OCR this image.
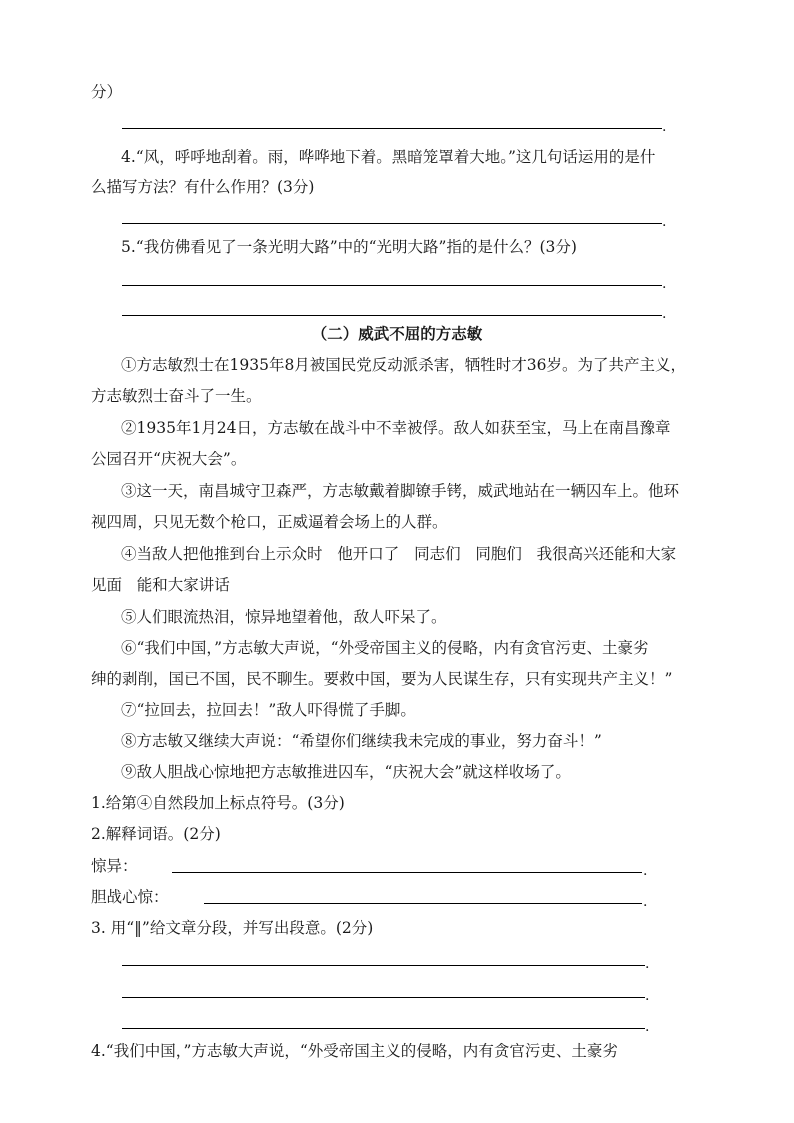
分）
.
4.“风，呼呼地刮着。雨，哗哗地下着。黑暗笼罩着大地。”这几句话运用的是什
么描写方法？有什么作用？(3分)
.
5.“我仿佛看见了一条光明大路”中的“光明大路”指的是什么？(3分)
.
.
（二）威武不屈的方志敏
①方志敏烈士在1935年8月被国民党反动派杀害，牺牲时才36岁。为了共产主义，
方志敏烈士奋斗了一生。
②1935年1月24日，方志敏在战斗中不幸被俘。敌人如获至宝，马上在南昌豫章
公园召开“庆祝大会”。
③这一天，南昌城守卫森严，方志敏戴着脚镣手铐，威武地站在一辆囚车上。他环
视四周，只见无数个枪口，正威逼着会场上的人群。
④当敌人把他推到台上示众时   他开口了   同志们   同胞们   我很高兴还能和大家
见面   能和大家讲话
⑤人们眼流热泪，惊异地望着他，敌人吓呆了。
⑥“我们中国，”方志敏大声说，“外受帝国主义的侵略，内有贪官污吏、土豪劣
绅的剥削，国已不国，民不聊生。要救中国，要为人民谋生存，只有实现共产主义！”
⑦“拉回去，拉回去！”敌人吓得慌了手脚。
⑧方志敏又继续大声说：“希望你们继续我未完成的事业，努力奋斗！”
⑨敌人胆战心惊地把方志敏推进囚车，“庆祝大会”就这样收场了。
1.给第④自然段加上标点符号。(3分)
2.解释词语。(2分)
惊异：	.
胆战心惊：	.
3. 用“‖”给文章分段，并写出段意。(2分)
.
.
.
4.“我们中国，”方志敏大声说，“外受帝国主义的侵略，内有贪官污吏、土豪劣
